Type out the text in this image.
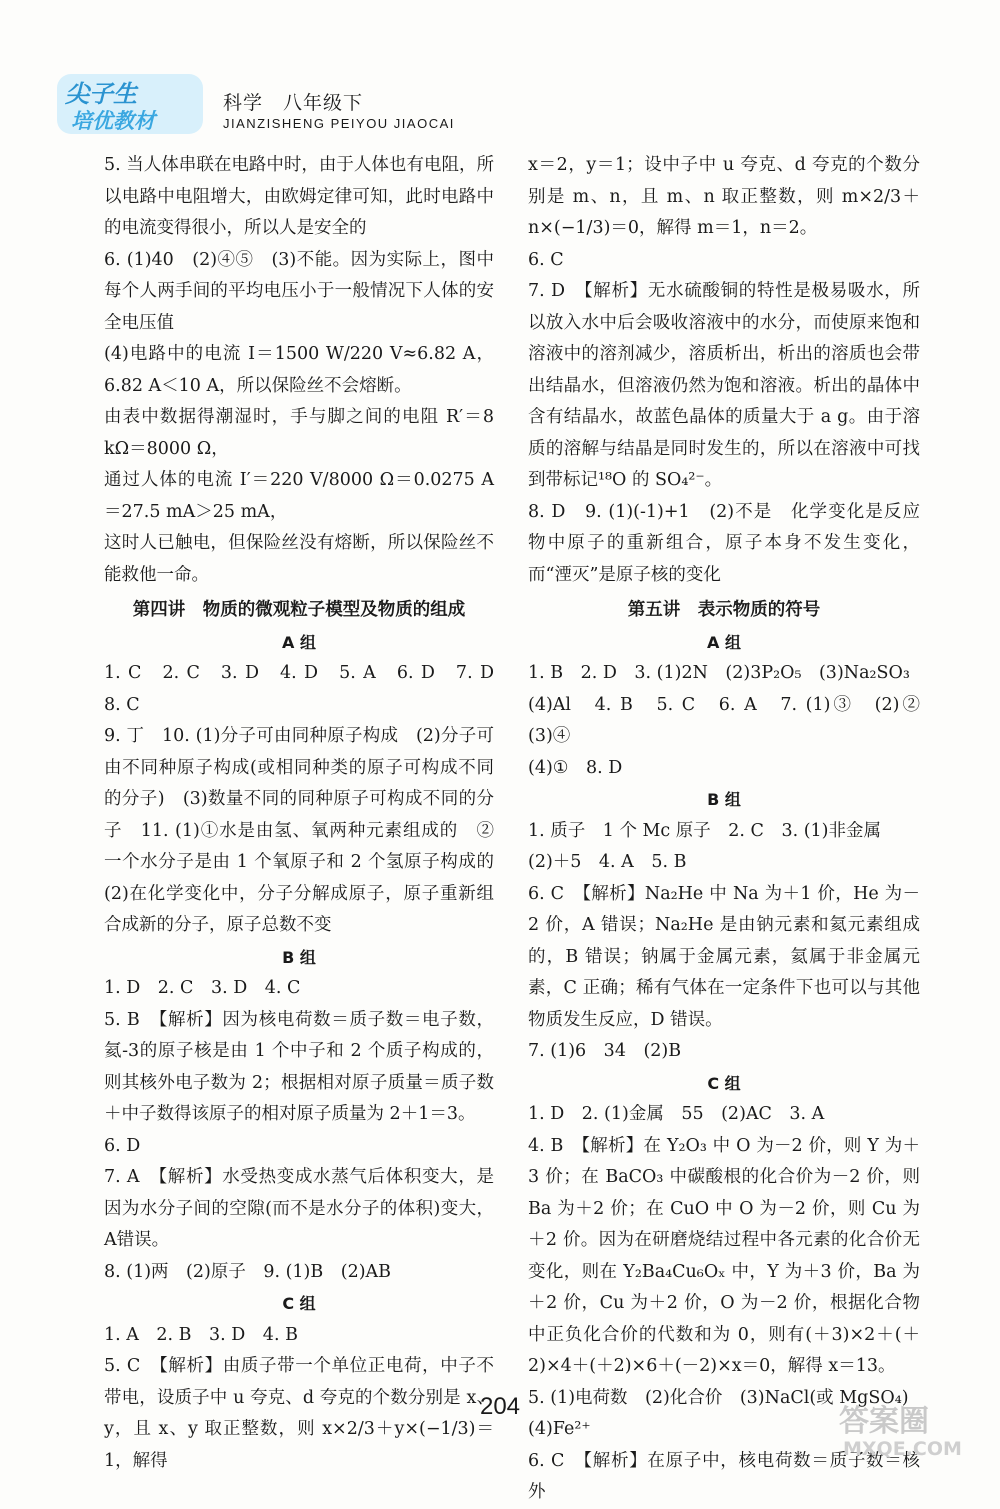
尖子生
培优教材
科学　八年级下
JIANZISHENG PEIYOU JIAOCAI
5. 当人体串联在电路中时，由于人体也有电阻，所以电路中电阻增大，由欧姆定律可知，此时电路中的电流变得很小，所以人是安全的
6. (1)40　(2)④⑤　(3)不能。因为实际上，图中每个人两手间的平均电压小于一般情况下人体的安全电压值
(4)电路中的电流 I＝1500 W/220 V≈6.82 A，6.82 A＜10 A，所以保险丝不会熔断。
由表中数据得潮湿时，手与脚之间的电阻 R′＝8 kΩ＝8000 Ω，
通过人体的电流 I′＝220 V/8000 Ω＝0.0275 A＝27.5 mA＞25 mA，
这时人已触电，但保险丝没有熔断，所以保险丝不能救他一命。
第四讲　物质的微观粒子模型及物质的组成
A 组
1. C　2. C　3. D　4. D　5. A　6. D　7. D　8. C
9. 丁　10. (1)分子可由同种原子构成　(2)分子可由不同种原子构成(或相同种类的原子可构成不同的分子)　(3)数量不同的同种原子可构成不同的分子　11. (1)①水是由氢、氧两种元素组成的　②一个水分子是由 1 个氧原子和 2 个氢原子构成的　(2)在化学变化中，分子分解成原子，原子重新组合成新的分子，原子总数不变
B 组
1. D　2. C　3. D　4. C
5. B　【解析】因为核电荷数＝质子数＝电子数，氦-3的原子核是由 1 个中子和 2 个质子构成的，则其核外电子数为 2；根据相对原子质量＝质子数＋中子数得该原子的相对原子质量为 2＋1＝3。
6. D
7. A　【解析】水受热变成水蒸气后体积变大，是因为水分子间的空隙(而不是水分子的体积)变大，A错误。
8. (1)两　(2)原子　9. (1)B　(2)AB
C 组
1. A　2. B　3. D　4. B
5. C　【解析】由质子带一个单位正电荷，中子不带电，设质子中 u 夸克、d 夸克的个数分别是 x、y，且 x、y 取正整数，则 x×2/3＋y×(−1/3)＝1，解得
x＝2，y＝1；设中子中 u 夸克、d 夸克的个数分别是 m、n，且 m、n 取正整数，则 m×2/3＋n×(−1/3)＝0，解得 m＝1，n＝2。
6. C
7. D　【解析】无水硫酸铜的特性是极易吸水，所以放入水中后会吸收溶液中的水分，而使原来饱和溶液中的溶剂减少，溶质析出，析出的溶质也会带出结晶水，但溶液仍然为饱和溶液。析出的晶体中含有结晶水，故蓝色晶体的质量大于 a g。由于溶质的溶解与结晶是同时发生的，所以在溶液中可找到带标记¹⁸O 的 SO₄²⁻。
8. D　9. (1)(-1)+1　(2)不是　化学变化是反应物中原子的重新组合，原子本身不发生变化，而“湮灭”是原子核的变化
第五讲　表示物质的符号
A 组
1. B　2. D　3. (1)2N　(2)3P₂O₅　(3)Na₂SO₃
(4)Al　4. B　5. C　6. A　7. (1)③　(2)②　(3)④
(4)①　8. D
B 组
1. 质子　1 个 Mc 原子　2. C　3. (1)非金属
(2)＋5　4. A　5. B
6. C　【解析】Na₂He 中 Na 为＋1 价，He 为－2 价，A 错误；Na₂He 是由钠元素和氦元素组成的，B 错误；钠属于金属元素，氦属于非金属元素，C 正确；稀有气体在一定条件下也可以与其他物质发生反应，D 错误。
7. (1)6　34　(2)B
C 组
1. D　2. (1)金属　55　(2)AC　3. A
4. B　【解析】在 Y₂O₃ 中 O 为－2 价，则 Y 为＋3 价；在 BaCO₃ 中碳酸根的化合价为－2 价，则 Ba 为＋2 价；在 CuO 中 O 为－2 价，则 Cu 为＋2 价。因为在研磨烧结过程中各元素的化合价无变化，则在 Y₂Ba₄Cu₆Oₓ 中，Y 为＋3 价，Ba 为＋2 价，Cu 为＋2 价，O 为－2 价，根据化合物中正负化合价的代数和为 0，则有(＋3)×2＋(＋2)×4＋(＋2)×6＋(－2)×x＝0，解得 x＝13。
5. (1)电荷数　(2)化合价　(3)NaCl(或 MgSO₄)
(4)Fe²⁺
6. C　【解析】在原子中，核电荷数＝质子数＝核外
204	答案圈
MXQE.COM
